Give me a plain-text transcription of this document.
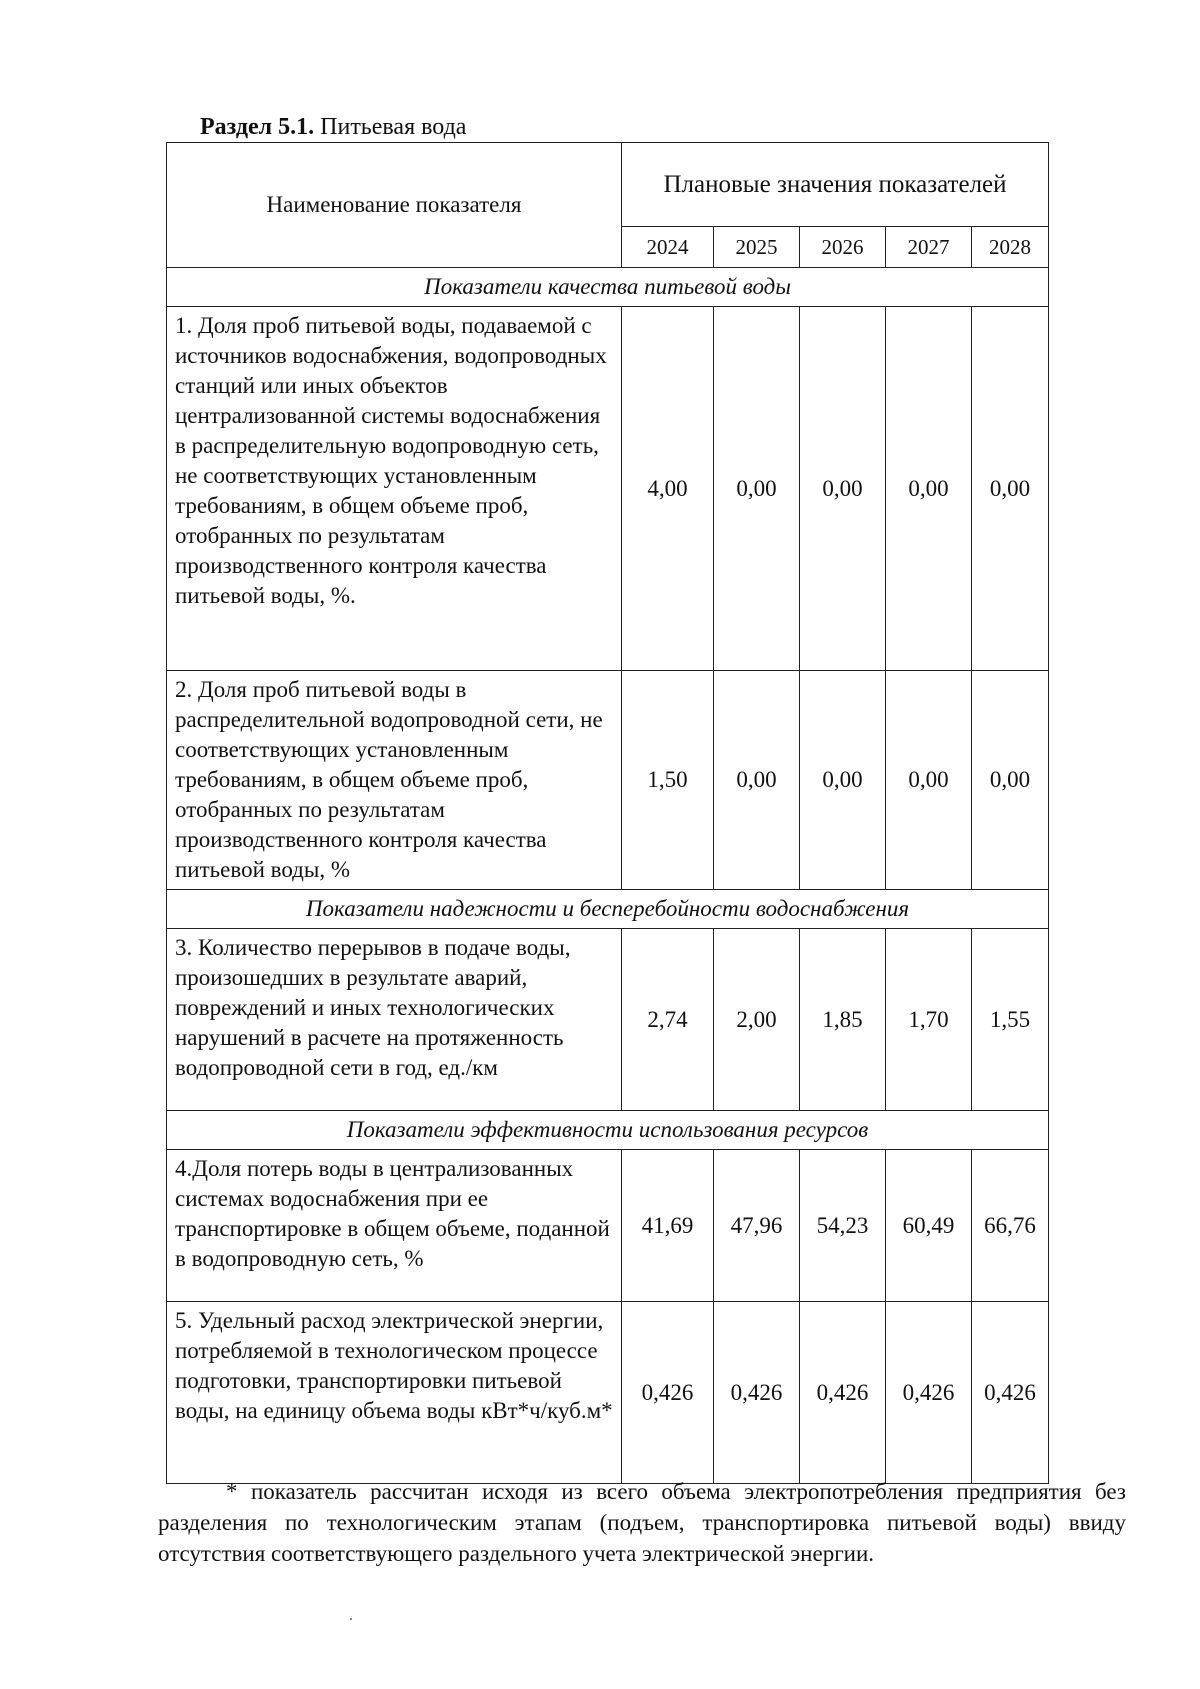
Раздел 5.1. Питьевая вода
Наименование показателя	Плановые значения показателей				
	2024	2025	2026	2027	2028
Показатели качества питьевой воды					
1. Доля проб питьевой воды, подаваемой с источников водоснабжения, водопроводных станций или иных объектов централизованной системы водоснабжения в распределительную водопроводную сеть, не соответствующих установленным требованиям, в общем объеме проб, отобранных по результатам производственного контроля качества питьевой воды, %.	4,00	0,00	0,00	0,00	0,00
2. Доля проб питьевой воды в распределительной водопроводной сети, не соответствующих установленным требованиям, в общем объеме проб, отобранных по результатам производственного контроля качества питьевой воды, %	1,50	0,00	0,00	0,00	0,00
Показатели надежности и бесперебойности водоснабжения					
3. Количество перерывов в подаче воды, произошедших в результате аварий, повреждений и иных технологических нарушений в расчете на протяженность водопроводной сети в год, ед./км	2,74	2,00	1,85	1,70	1,55
Показатели эффективности использования ресурсов					
4.Доля потерь воды в централизованных системах водоснабжения при ее транспортировке в общем объеме, поданной в водопроводную сеть, %	41,69	47,96	54,23	60,49	66,76
5. Удельный расход электрической энергии, потребляемой в технологическом процессе подготовки, транспортировки питьевой воды, на единицу объема воды кВт*ч/куб.м*	0,426	0,426	0,426	0,426	0,426
* показатель рассчитан исходя из всего объема электропотребления предприятия без разделения по технологическим этапам (подъем, транспортировка питьевой воды) ввиду отсутствия соответствующего раздельного учета электрической энергии.
